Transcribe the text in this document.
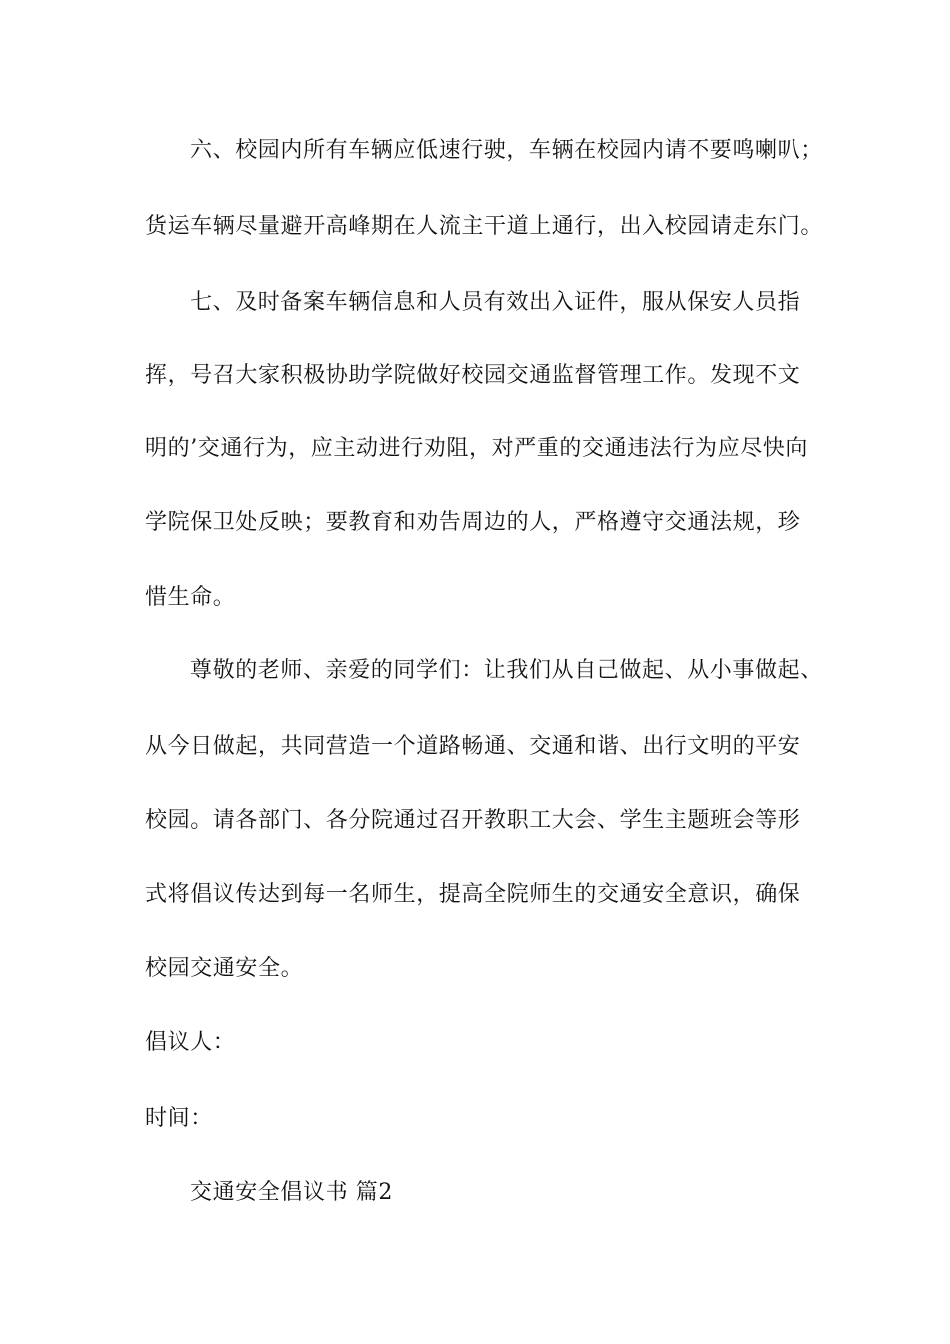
六、校园内所有车辆应低速行驶，车辆在校园内请不要鸣喇叭；
货运车辆尽量避开高峰期在人流主干道上通行，出入校园请走东门。
七、及时备案车辆信息和人员有效出入证件，服从保安人员指
挥，号召大家积极协助学院做好校园交通监督管理工作。发现不文
明的’交通行为，应主动进行劝阻，对严重的交通违法行为应尽快向
学院保卫处反映；要教育和劝告周边的人，严格遵守交通法规，珍
惜生命。
尊敬的老师、亲爱的同学们：让我们从自己做起、从小事做起、
从今日做起，共同营造一个道路畅通、交通和谐、出行文明的平安
校园。请各部门、各分院通过召开教职工大会、学生主题班会等形
式将倡议传达到每一名师生，提高全院师生的交通安全意识，确保
校园交通安全。
倡议人：
时间：
交通安全倡议书 篇2
